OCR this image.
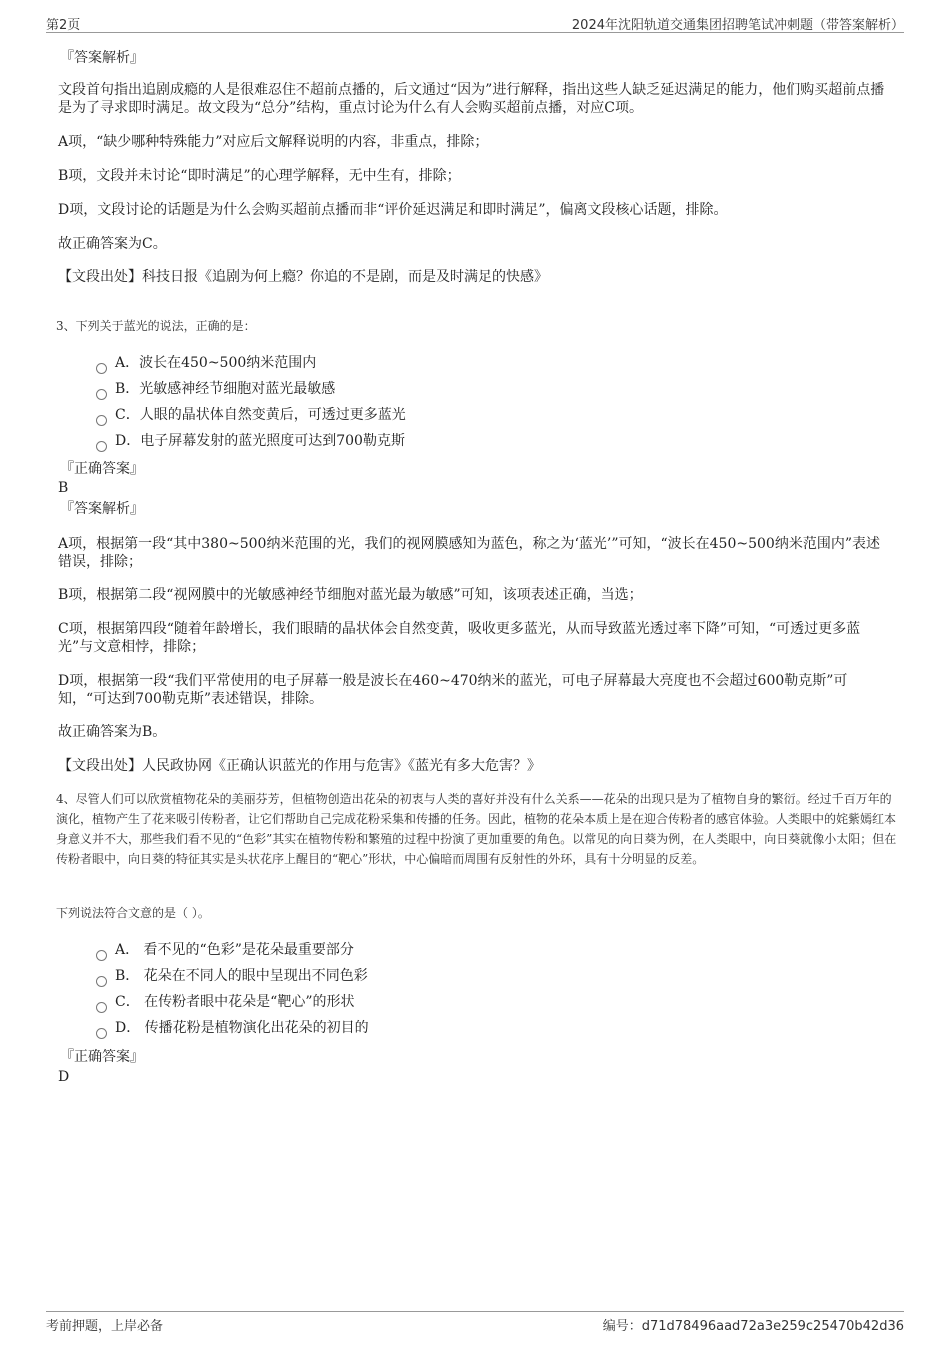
第2页	2024年沈阳轨道交通集团招聘笔试冲刺题（带答案解析）
『答案解析』
文段首句指出追剧成瘾的人是很难忍住不超前点播的，后文通过“因为”进行解释，指出这些人缺乏延迟满足的能力，他们购买超前点播是为了寻求即时满足。故文段为“总分”结构，重点讨论为什么有人会购买超前点播，对应C项。
A项，“缺少哪种特殊能力”对应后文解释说明的内容，非重点，排除；
B项，文段并未讨论“即时满足”的心理学解释，无中生有，排除；
D项，文段讨论的话题是为什么会购买超前点播而非“评价延迟满足和即时满足”，偏离文段核心话题，排除。
故正确答案为C。
【文段出处】科技日报《追剧为何上瘾？你追的不是剧，而是及时满足的快感》
3、下列关于蓝光的说法，正确的是：
A．波长在450~500纳米范围内
B．光敏感神经节细胞对蓝光最敏感
C．人眼的晶状体自然变黄后，可透过更多蓝光
D．电子屏幕发射的蓝光照度可达到700勒克斯
『正确答案』
B
『答案解析』
A项，根据第一段“其中380~500纳米范围的光，我们的视网膜感知为蓝色，称之为‘蓝光’”可知，“波长在450~500纳米范围内”表述错误，排除；
B项，根据第二段“视网膜中的光敏感神经节细胞对蓝光最为敏感”可知，该项表述正确，当选；
C项，根据第四段“随着年龄增长，我们眼睛的晶状体会自然变黄，吸收更多蓝光，从而导致蓝光透过率下降”可知，“可透过更多蓝光”与文意相悖，排除；
D项，根据第一段“我们平常使用的电子屏幕一般是波长在460~470纳米的蓝光，可电子屏幕最大亮度也不会超过600勒克斯”可知，“可达到700勒克斯”表述错误，排除。
故正确答案为B。
【文段出处】人民政协网《正确认识蓝光的作用与危害》《蓝光有多大危害？》
4、尽管人们可以欣赏植物花朵的美丽芬芳，但植物创造出花朵的初衷与人类的喜好并没有什么关系——花朵的出现只是为了植物自身的繁衍。经过千百万年的演化，植物产生了花来吸引传粉者，让它们帮助自己完成花粉采集和传播的任务。因此，植物的花朵本质上是在迎合传粉者的感官体验。人类眼中的姹紫嫣红本身意义并不大，那些我们看不见的“色彩”其实在植物传粉和繁殖的过程中扮演了更加重要的角色。以常见的向日葵为例，在人类眼中，向日葵就像小太阳；但在传粉者眼中，向日葵的特征其实是头状花序上醒目的“靶心”形状，中心偏暗而周围有反射性的外环，具有十分明显的反差。
下列说法符合文意的是（ ）。
A． 看不见的“色彩”是花朵最重要部分
B． 花朵在不同人的眼中呈现出不同色彩
C． 在传粉者眼中花朵是“靶心”的形状
D． 传播花粉是植物演化出花朵的初目的
『正确答案』
D
考前押题，上岸必备	编号：d71d78496aad72a3e259c25470b42d36
